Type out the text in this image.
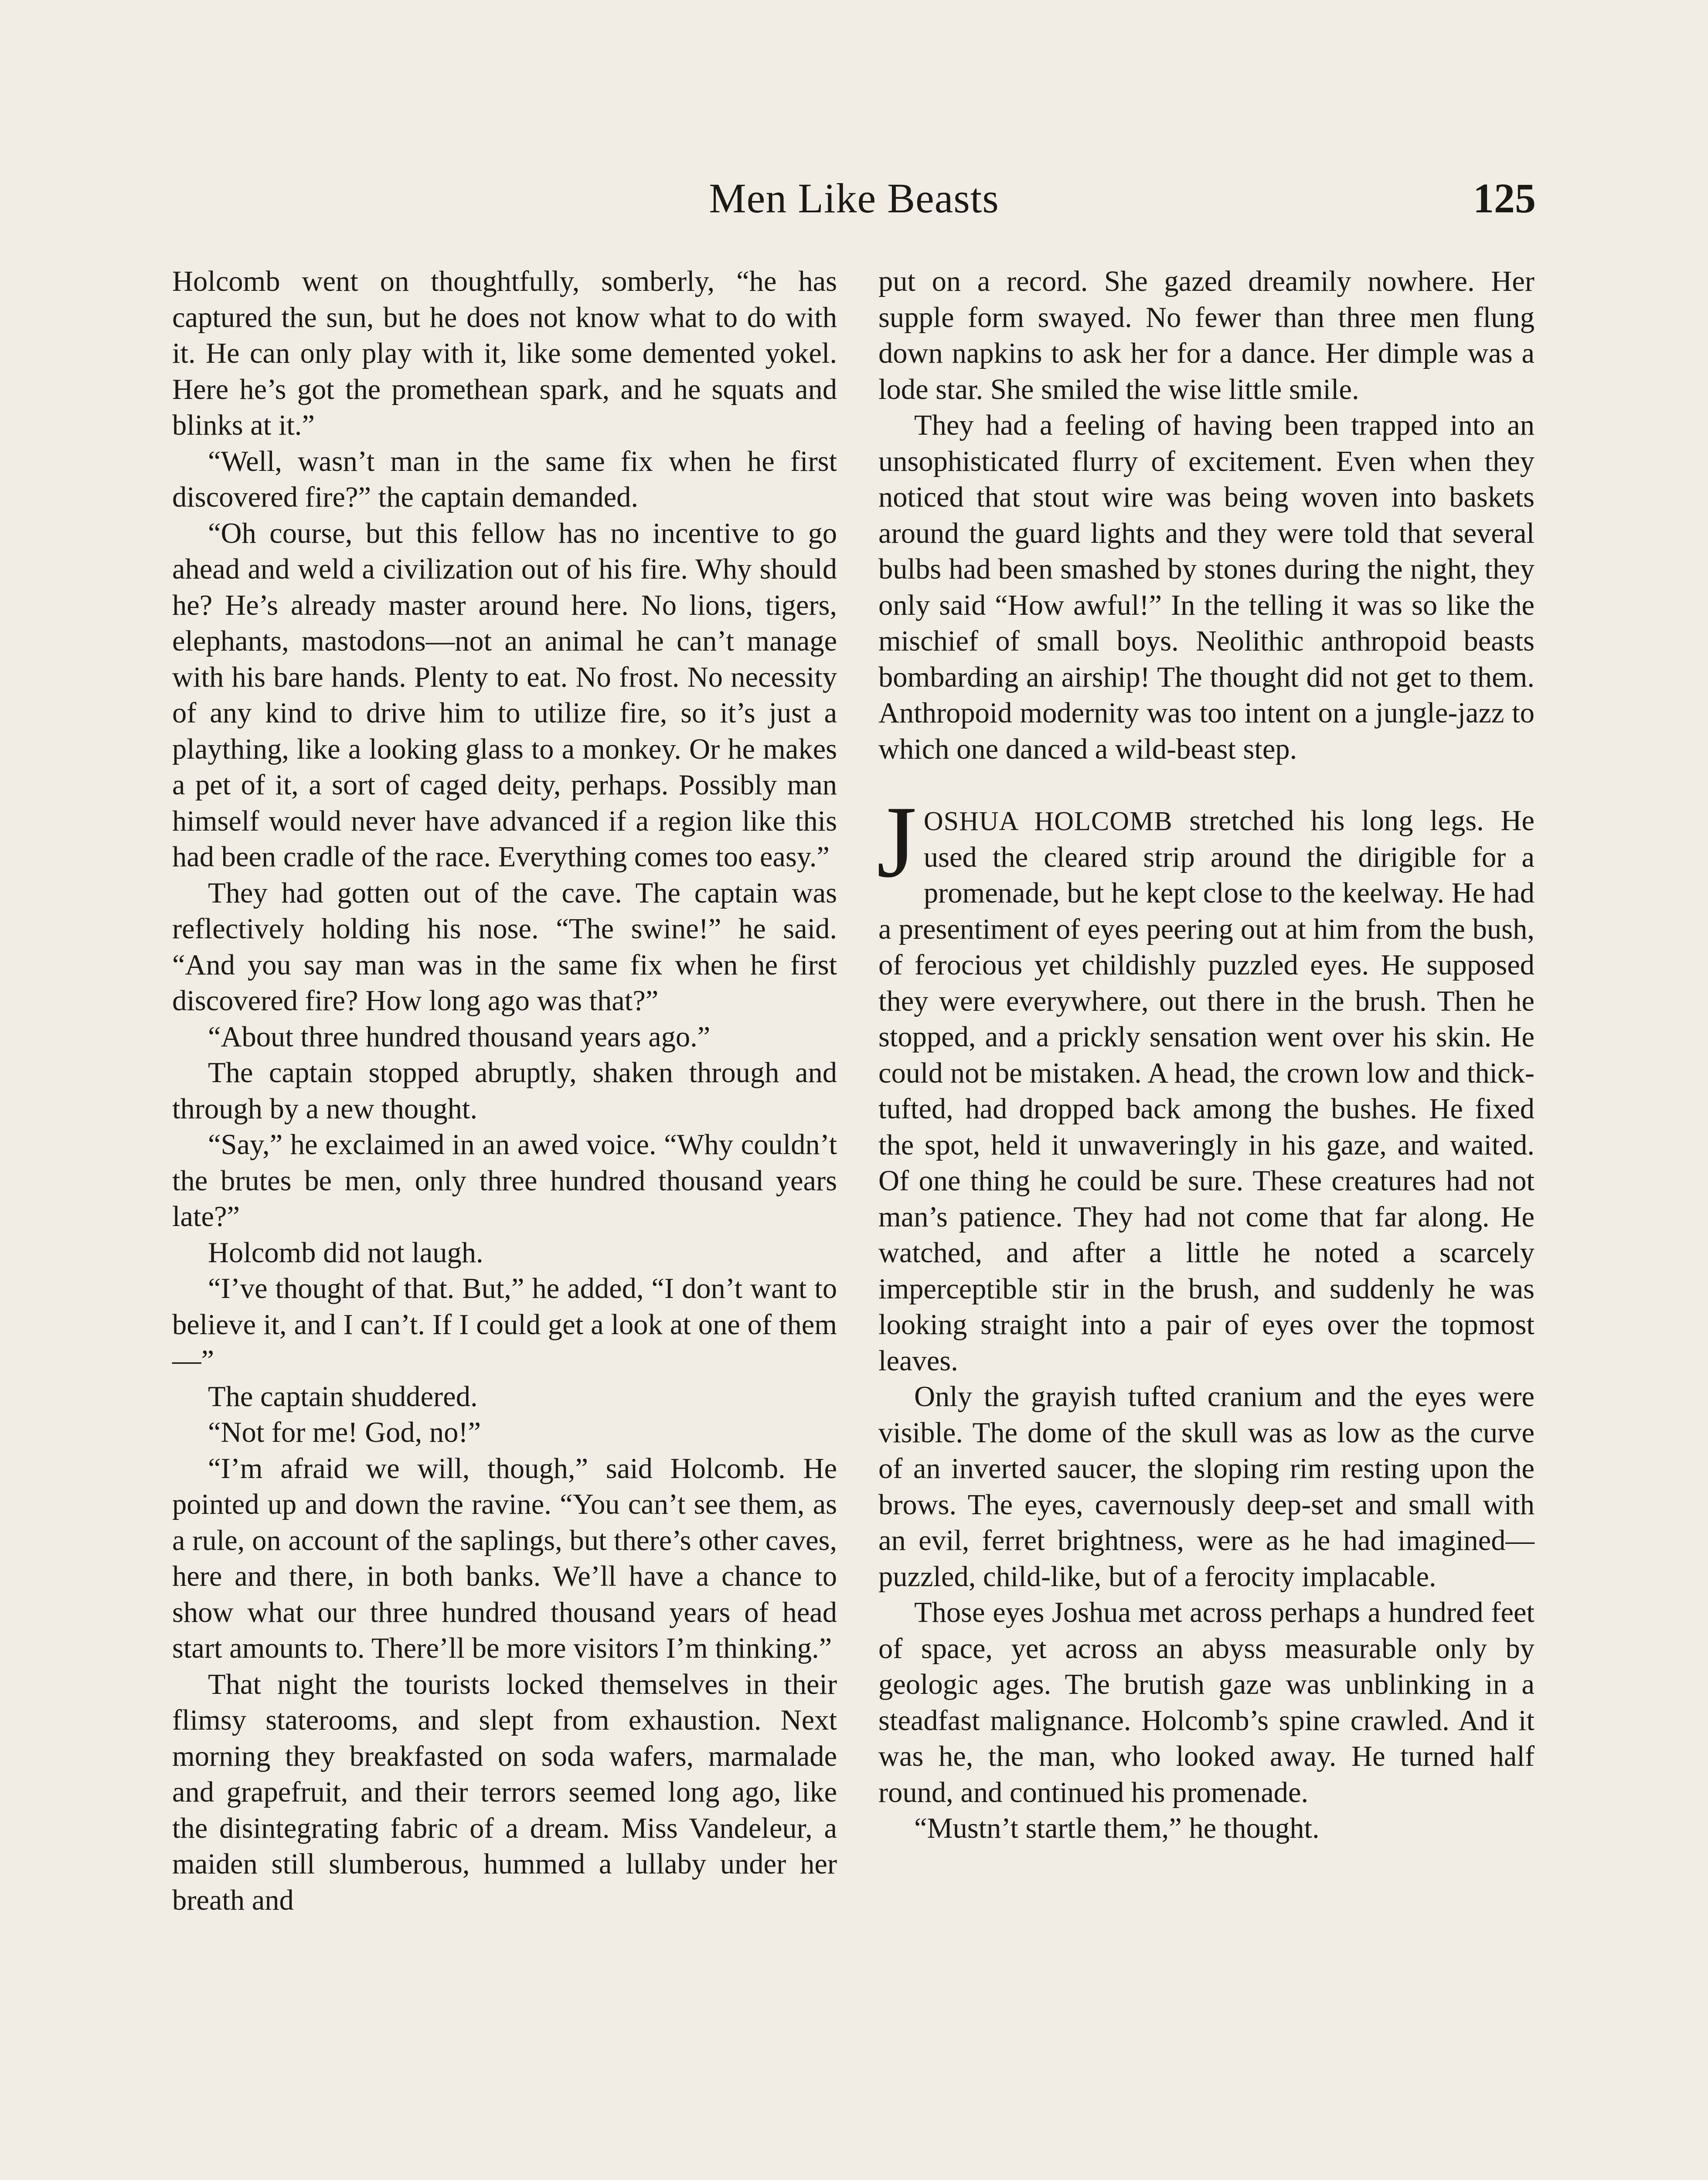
Men Like Beasts	125

Holcomb went on thoughtfully, somberly, “he has captured the sun, but he does not know what to do with it. He can only play with it, like some demented yokel. Here he’s got the promethean spark, and he squats and blinks at it.”

“Well, wasn’t man in the same fix when he first discovered fire?” the captain demanded.

“Oh course, but this fellow has no incentive to go ahead and weld a civilization out of his fire. Why should he? He’s already master around here. No lions, tigers, elephants, mastodons—not an animal he can’t manage with his bare hands. Plenty to eat. No frost. No necessity of any kind to drive him to utilize fire, so it’s just a plaything, like a looking glass to a monkey. Or he makes a pet of it, a sort of caged deity, perhaps. Possibly man himself would never have advanced if a region like this had been cradle of the race. Everything comes too easy.”

They had gotten out of the cave. The captain was reflectively holding his nose. “The swine!” he said. “And you say man was in the same fix when he first discovered fire? How long ago was that?”

“About three hundred thousand years ago.”

The captain stopped abruptly, shaken through and through by a new thought.

“Say,” he exclaimed in an awed voice. “Why couldn’t the brutes be men, only three hundred thousand years late?”

Holcomb did not laugh.

“I’ve thought of that. But,” he added, “I don’t want to believe it, and I can’t. If I could get a look at one of them—”

The captain shuddered.

“Not for me! God, no!”

“I’m afraid we will, though,” said Holcomb. He pointed up and down the ravine. “You can’t see them, as a rule, on account of the saplings, but there’s other caves, here and there, in both banks. We’ll have a chance to show what our three hundred thousand years of head start amounts to. There’ll be more visitors I’m thinking.”

That night the tourists locked themselves in their flimsy staterooms, and slept from exhaustion. Next morning they breakfasted on soda wafers, marmalade and grapefruit, and their terrors seemed long ago, like the disintegrating fabric of a dream. Miss Vandeleur, a maiden still slumberous, hummed a lullaby under her breath and

put on a record. She gazed dreamily nowhere. Her supple form swayed. No fewer than three men flung down napkins to ask her for a dance. Her dimple was a lode star. She smiled the wise little smile.

They had a feeling of having been trapped into an unsophisticated flurry of excitement. Even when they noticed that stout wire was being woven into baskets around the guard lights and they were told that several bulbs had been smashed by stones during the night, they only said “How awful!” In the telling it was so like the mischief of small boys. Neolithic anthropoid beasts bombarding an airship! The thought did not get to them. Anthropoid modernity was too intent on a jungle-jazz to which one danced a wild-beast step.

JOSHUA HOLCOMB stretched his long legs. He used the cleared strip around the dirigible for a promenade, but he kept close to the keelway. He had a presentiment of eyes peering out at him from the bush, of ferocious yet childishly puzzled eyes. He supposed they were everywhere, out there in the brush. Then he stopped, and a prickly sensation went over his skin. He could not be mistaken. A head, the crown low and thick-tufted, had dropped back among the bushes. He fixed the spot, held it unwaveringly in his gaze, and waited. Of one thing he could be sure. These creatures had not man’s patience. They had not come that far along. He watched, and after a little he noted a scarcely imperceptible stir in the brush, and suddenly he was looking straight into a pair of eyes over the topmost leaves.

Only the grayish tufted cranium and the eyes were visible. The dome of the skull was as low as the curve of an inverted saucer, the sloping rim resting upon the brows. The eyes, cavernously deep-set and small with an evil, ferret brightness, were as he had imagined—puzzled, child-like, but of a ferocity implacable.

Those eyes Joshua met across perhaps a hundred feet of space, yet across an abyss measurable only by geologic ages. The brutish gaze was unblinking in a steadfast malignance. Holcomb’s spine crawled. And it was he, the man, who looked away. He turned half round, and continued his promenade.

“Mustn’t startle them,” he thought.
